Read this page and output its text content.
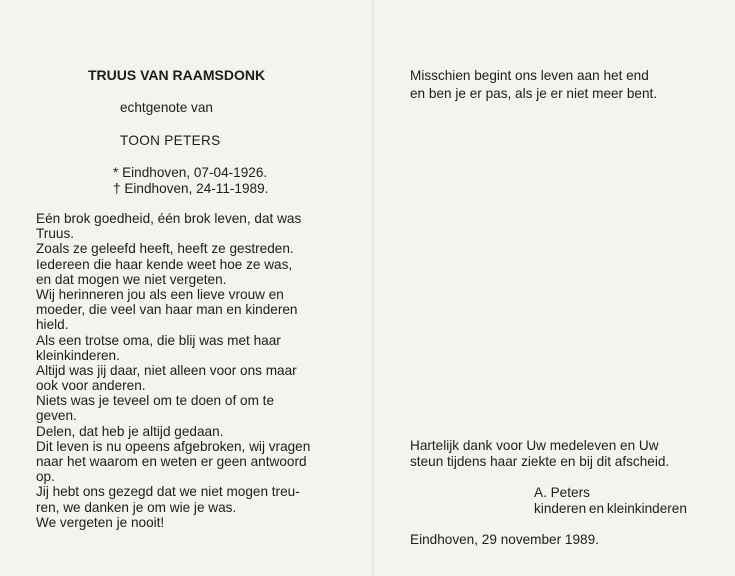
TRUUS VAN RAAMSDONK
echtgenote van
TOON PETERS
* Eindhoven, 07-04-1926.
† Eindhoven, 24-11-1989.
Eén brok goedheid, één brok leven, dat was
Truus.
Zoals ze geleefd heeft, heeft ze gestreden.
Iedereen die haar kende weet hoe ze was,
en dat mogen we niet vergeten.
Wij herinneren jou als een lieve vrouw en
moeder, die veel van haar man en kinderen
hield.
Als een trotse oma, die blij was met haar
kleinkinderen.
Altijd was jij daar, niet alleen voor ons maar
ook voor anderen.
Niets was je teveel om te doen of om te
geven.
Delen, dat heb je altijd gedaan.
Dit leven is nu opeens afgebroken, wij vragen
naar het waarom en weten er geen antwoord
op.
Jij hebt ons gezegd dat we niet mogen treu-
ren, we danken je om wie je was.
We vergeten je nooit!
Misschien begint ons leven aan het end
en ben je er pas, als je er niet meer bent.
Hartelijk dank voor Uw medeleven en Uw
steun tijdens haar ziekte en bij dit afscheid.
A. Peters
kinderen en kleinkinderen
Eindhoven, 29 november 1989.
